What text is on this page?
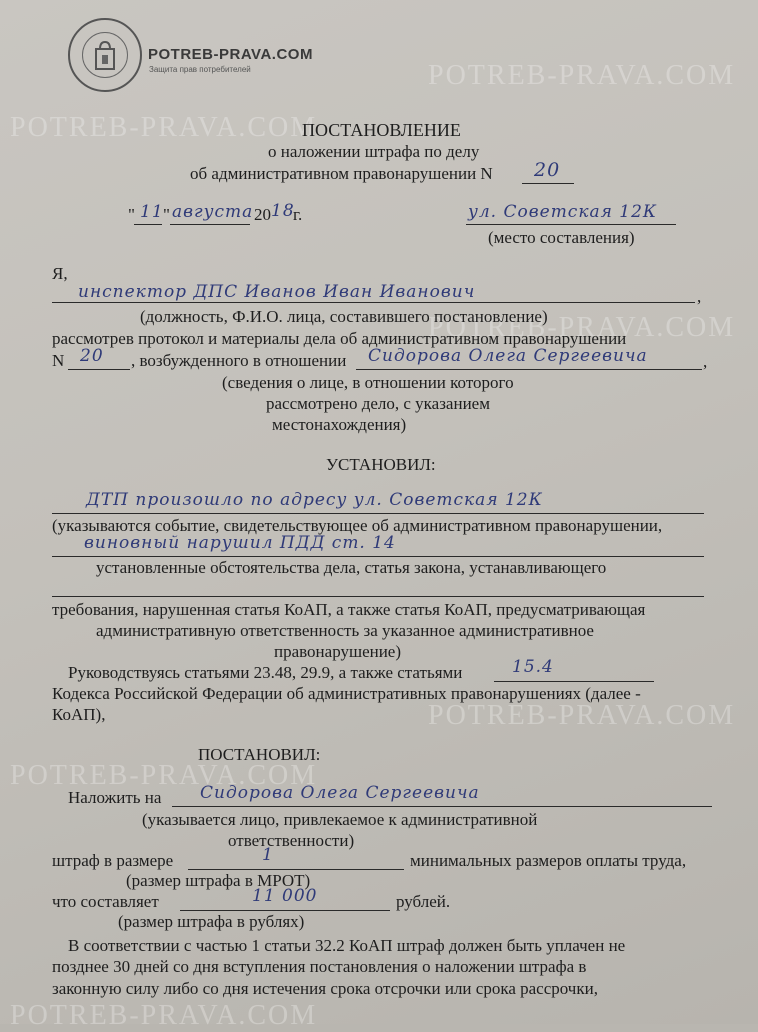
POTREB-PRAVA.COM
POTREB-PRAVA.COM
POTREB-PRAVA.COM
POTREB-PRAVA.COM
POTREB-PRAVA.COM
POTREB-PRAVA.COM
POTREB-PRAVA.COM
Защита прав потребителей
ПОСТАНОВЛЕНИЕ
о наложении штрафа по делу
об административном правонарушении N 20
" 11 " августа 20 18
г.	ул. Советская 12К
(место составления)
Я,
инспектор ДПС Иванов Иван Иванович	,
(должность, Ф.И.О. лица, составившего постановление)
рассмотрев протокол и материалы дела об административном правонарушении
N 20 , возбужденного в отношении Сидорова Олега Сергеевича	,
(сведения о лице, в отношении которого
рассмотрено дело, с указанием
местонахождения)
УСТАНОВИЛ:
ДТП произошло по адресу ул. Советская 12К
(указываются событие, свидетельствующее об административном правонарушении,
виновный нарушил ПДД ст. 14
установленные обстоятельства дела, статья закона, устанавливающего
требования, нарушенная статья КоАП, а также статья КоАП, предусматривающая
административную ответственность за указанное административное
правонарушение)
Руководствуясь статьями 23.48, 29.9, а также статьями	15.4
Кодекса Российской Федерации об административных правонарушениях (далее -
КоАП),
ПОСТАНОВИЛ:
Наложить на Сидорова Олега Сергеевича
(указывается лицо, привлекаемое к административной
ответственности)
штраф в размере	1	минимальных размеров оплаты труда,
(размер штрафа в МРОТ)
что составляет	11 000	рублей.
(размер штрафа в рублях)
В соответствии с частью 1 статьи 32.2 КоАП штраф должен быть уплачен не
позднее 30 дней со дня вступления постановления о наложении штрафа в
законную силу либо со дня истечения срока отсрочки или срока рассрочки,
